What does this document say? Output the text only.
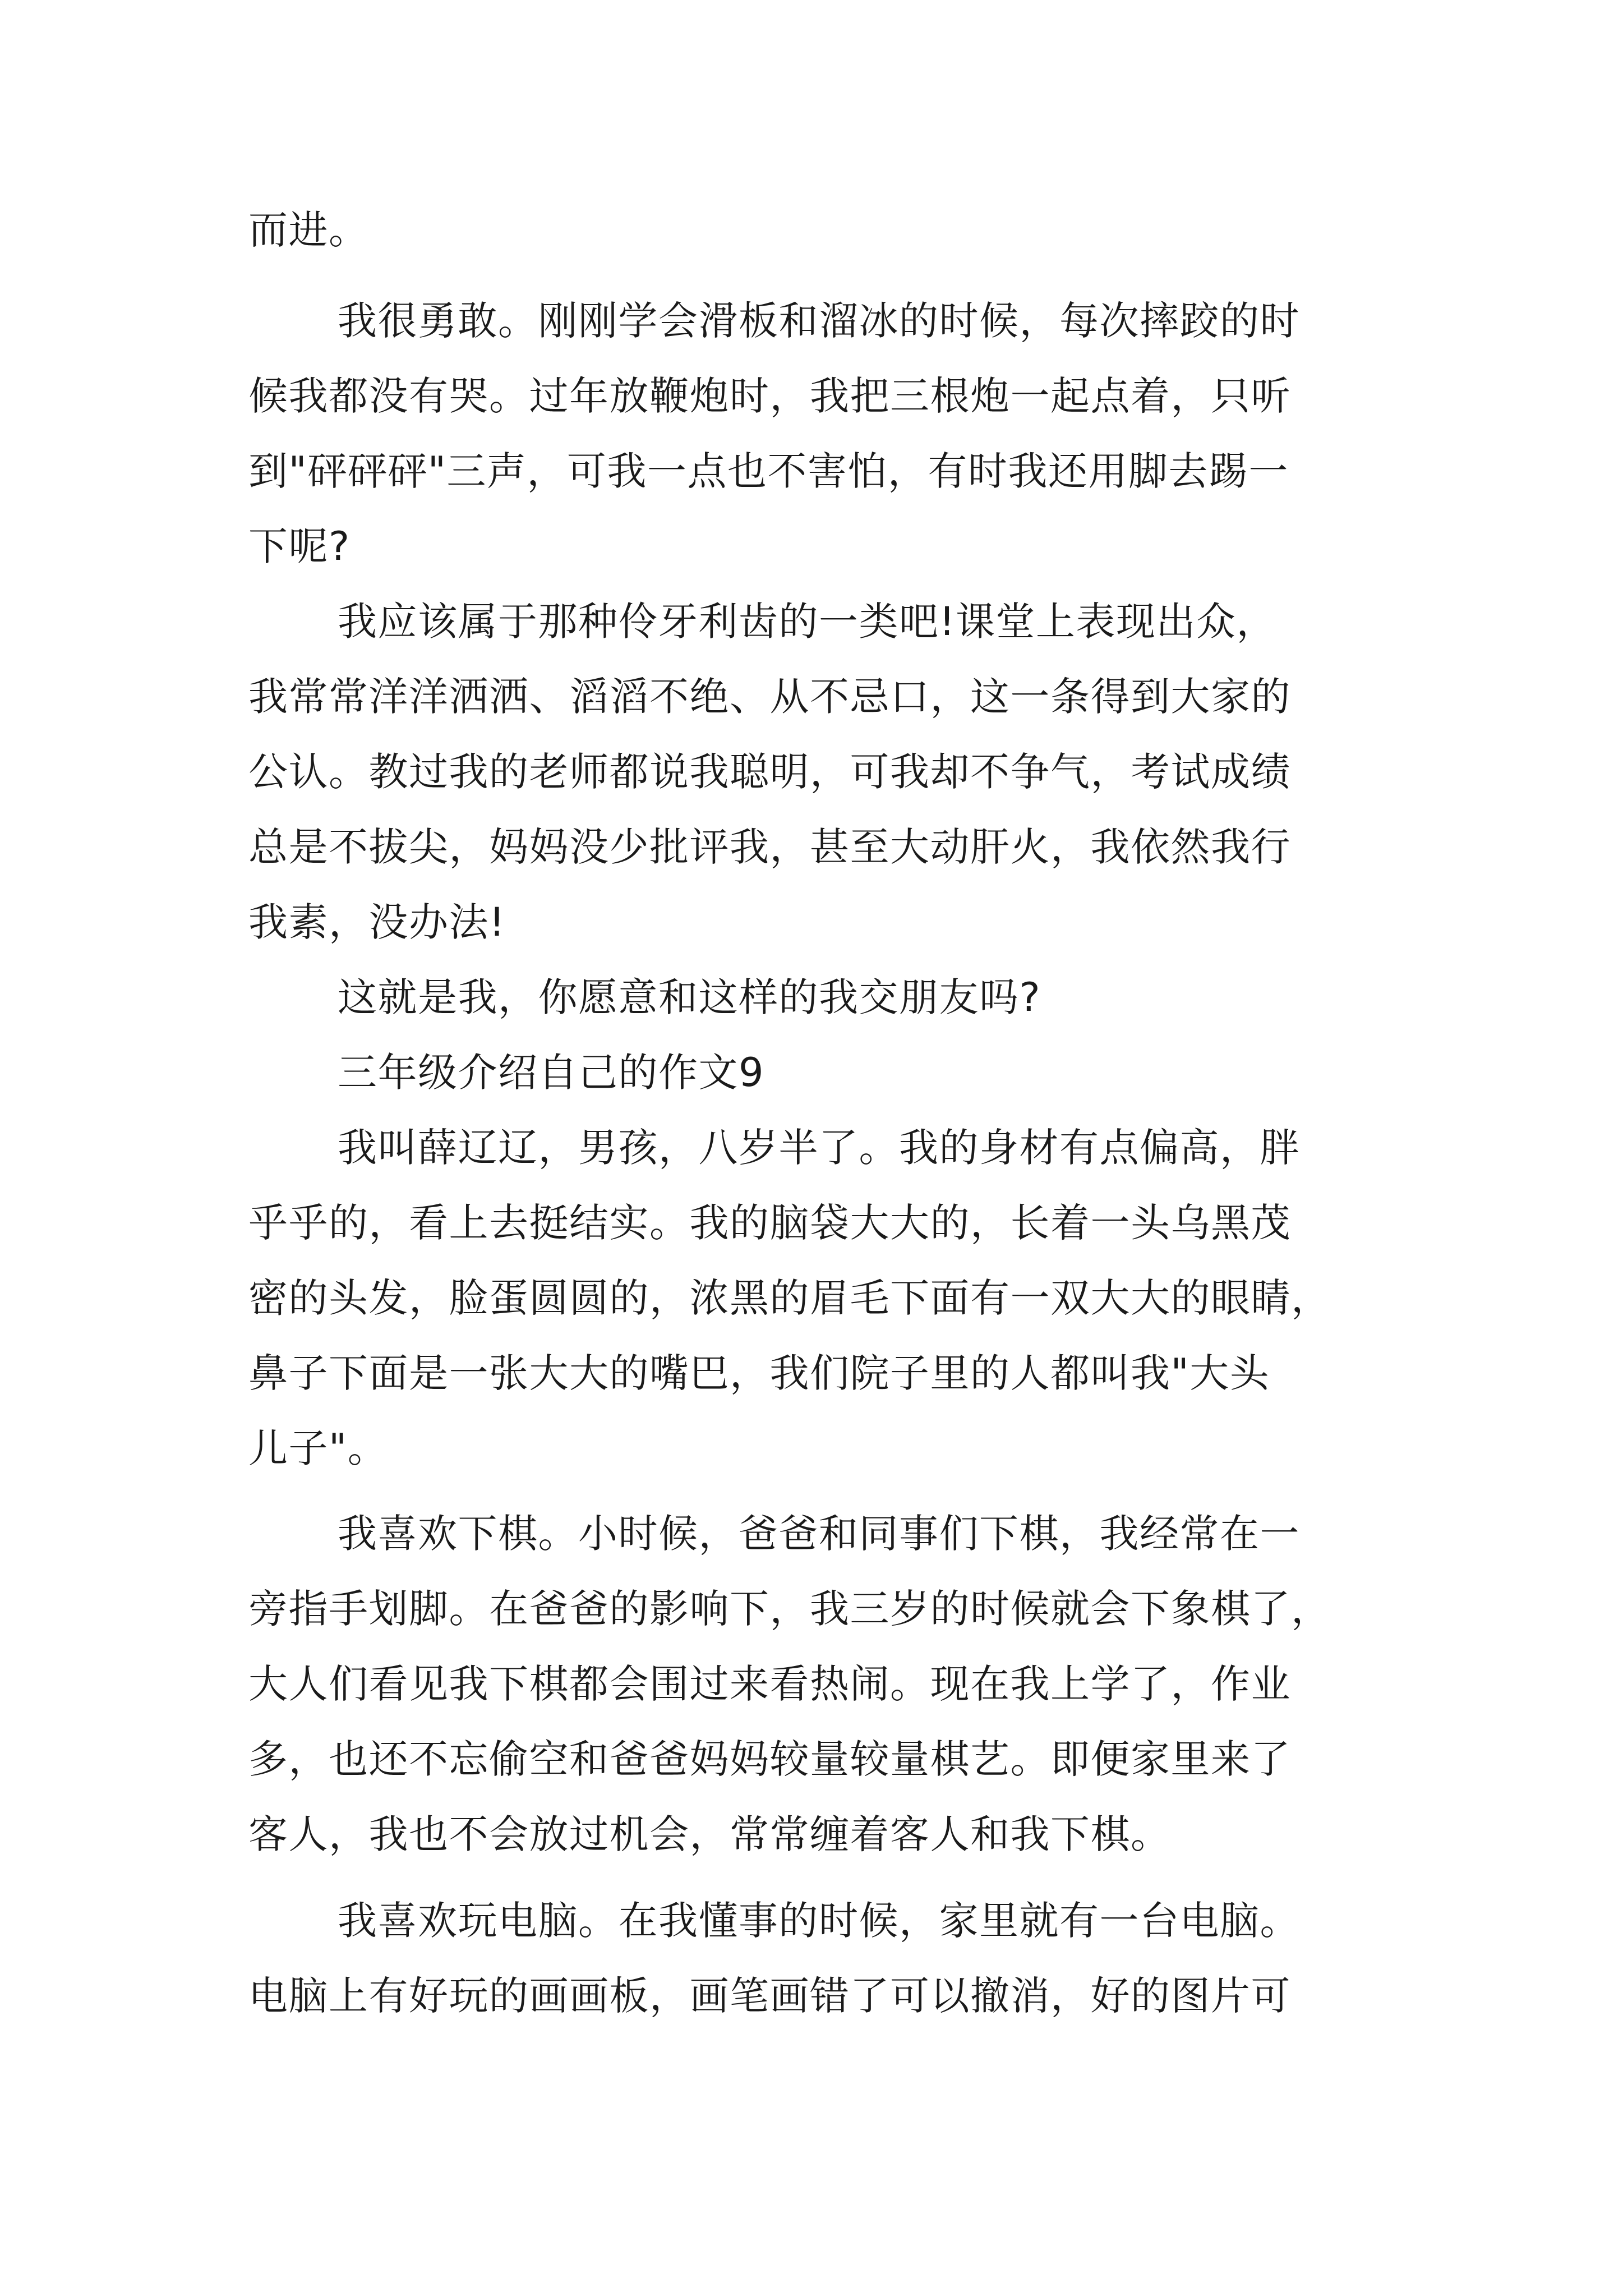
而进。
我很勇敢。刚刚学会滑板和溜冰的时候，每次摔跤的时
候我都没有哭。过年放鞭炮时，我把三根炮一起点着，只听
到"砰砰砰"三声，可我一点也不害怕，有时我还用脚去踢一
下呢?
我应该属于那种伶牙利齿的一类吧!课堂上表现出众，
我常常洋洋洒洒、滔滔不绝、从不忌口，这一条得到大家的
公认。教过我的老师都说我聪明，可我却不争气，考试成绩
总是不拔尖，妈妈没少批评我，甚至大动肝火，我依然我行
我素，没办法!
这就是我，你愿意和这样的我交朋友吗?
三年级介绍自己的作文9
我叫薛辽辽，男孩，八岁半了。我的身材有点偏高，胖
乎乎的，看上去挺结实。我的脑袋大大的，长着一头乌黑茂
密的头发，脸蛋圆圆的，浓黑的眉毛下面有一双大大的眼睛，
鼻子下面是一张大大的嘴巴，我们院子里的人都叫我"大头
儿子"。
我喜欢下棋。小时候，爸爸和同事们下棋，我经常在一
旁指手划脚。在爸爸的影响下，我三岁的时候就会下象棋了，
大人们看见我下棋都会围过来看热闹。现在我上学了，作业
多，也还不忘偷空和爸爸妈妈较量较量棋艺。即便家里来了
客人，我也不会放过机会，常常缠着客人和我下棋。
我喜欢玩电脑。在我懂事的时候，家里就有一台电脑。
电脑上有好玩的画画板，画笔画错了可以撤消，好的图片可
